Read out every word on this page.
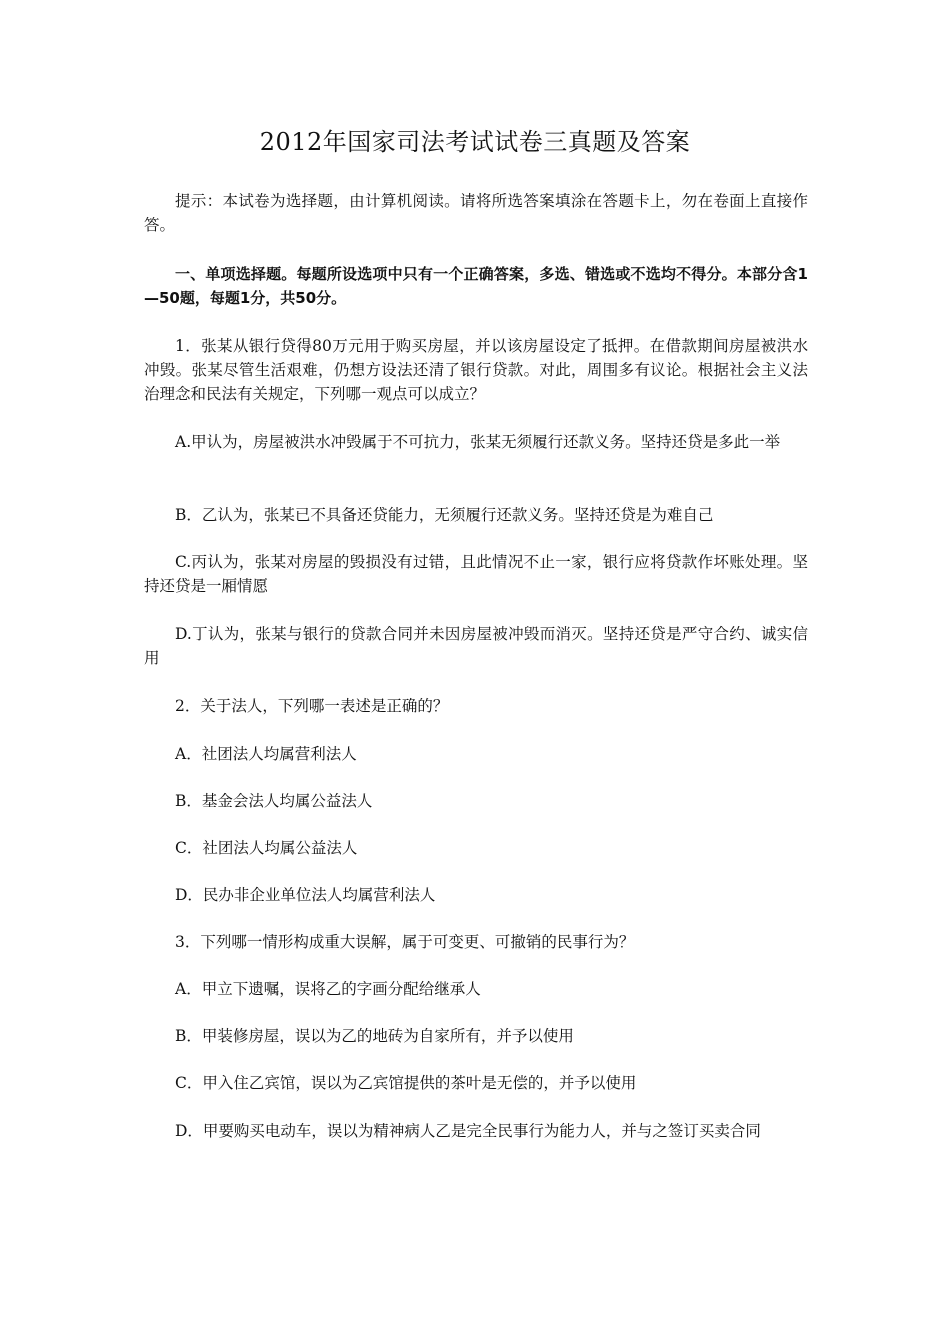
2012年国家司法考试试卷三真题及答案

提示：本试卷为选择题，由计算机阅读。请将所选答案填涂在答题卡上，勿在卷面上直接作答。

一、单项选择题。每题所设选项中只有一个正确答案，多选、错选或不选均不得分。本部分含1—50题，每题1分，共50分。

1．张某从银行贷得80万元用于购买房屋，并以该房屋设定了抵押。在借款期间房屋被洪水冲毁。张某尽管生活艰难，仍想方设法还清了银行贷款。对此，周围多有议论。根据社会主义法治理念和民法有关规定，下列哪一观点可以成立？

A.甲认为，房屋被洪水冲毁属于不可抗力，张某无须履行还款义务。坚持还贷是多此一举

B．乙认为，张某已不具备还贷能力，无须履行还款义务。坚持还贷是为难自己

C.丙认为，张某对房屋的毁损没有过错，且此情况不止一家，银行应将贷款作坏账处理。坚持还贷是一厢情愿

D.丁认为，张某与银行的贷款合同并未因房屋被冲毁而消灭。坚持还贷是严守合约、诚实信用

2．关于法人，下列哪一表述是正确的？

A．社团法人均属营利法人

B．基金会法人均属公益法人

C．社团法人均属公益法人

D．民办非企业单位法人均属营利法人

3．下列哪一情形构成重大误解，属于可变更、可撤销的民事行为？

A．甲立下遗嘱，误将乙的字画分配给继承人

B．甲装修房屋，误以为乙的地砖为自家所有，并予以使用

C．甲入住乙宾馆，误以为乙宾馆提供的茶叶是无偿的，并予以使用

D．甲要购买电动车，误以为精神病人乙是完全民事行为能力人，并与之签订买卖合同
